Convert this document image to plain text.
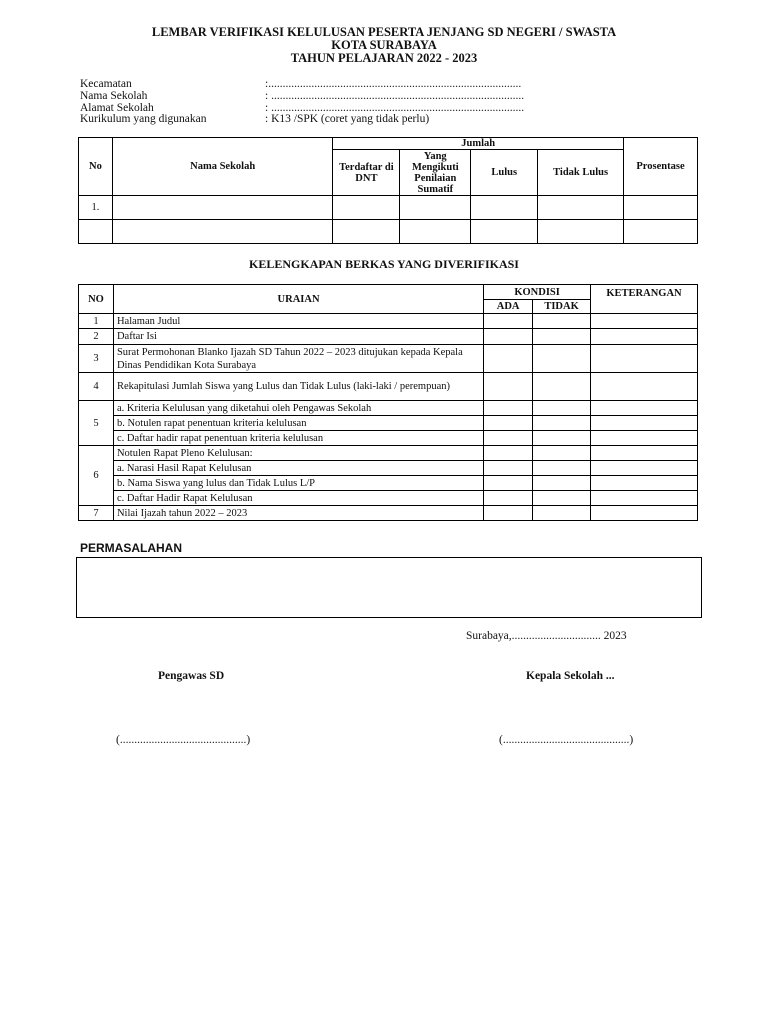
LEMBAR VERIFIKASI KELULUSAN PESERTA JENJANG SD NEGERI / SWASTA
KOTA SURABAYA
TAHUN PELAJARAN 2022 - 2023
Kecamatan	:........................................................................................
Nama Sekolah	: ........................................................................................
Alamat Sekolah	: ........................................................................................
Kurikulum yang digunakan	: K13 /SPK (coret yang tidak perlu)
No	Nama Sekolah	Jumlah				Prosentase
		Terdaftar di DNT	Yang Mengikuti Penilaian Sumatif	Lulus	Tidak Lulus	
1.						

KELENGKAPAN BERKAS YANG DIVERIFIKASI
NO	URAIAN	KONDISI		KETERANGAN
		ADA	TIDAK	
1	Halaman Judul			
2	Daftar Isi			
3	Surat Permohonan Blanko Ijazah SD Tahun 2022 – 2023 ditujukan kepada Kepala Dinas Pendidikan Kota Surabaya			
4	Rekapitulasi Jumlah Siswa yang Lulus dan Tidak Lulus (laki-laki / perempuan)			
5	a. Kriteria Kelulusan yang diketahui oleh Pengawas Sekolah			
	b. Notulen rapat penentuan kriteria kelulusan			
	c. Daftar hadir rapat penentuan kriteria kelulusan			
6	Notulen Rapat Pleno Kelulusan:			
	a. Narasi Hasil Rapat Kelulusan			
	b. Nama Siswa yang lulus dan Tidak Lulus L/P			
	c. Daftar Hadir Rapat Kelulusan			
7	Nilai Ijazah tahun 2022 – 2023			
PERMASALAHAN
Surabaya,............................... 2023
Pengawas SD	Kepala Sekolah ...
(............................................)	(............................................)
